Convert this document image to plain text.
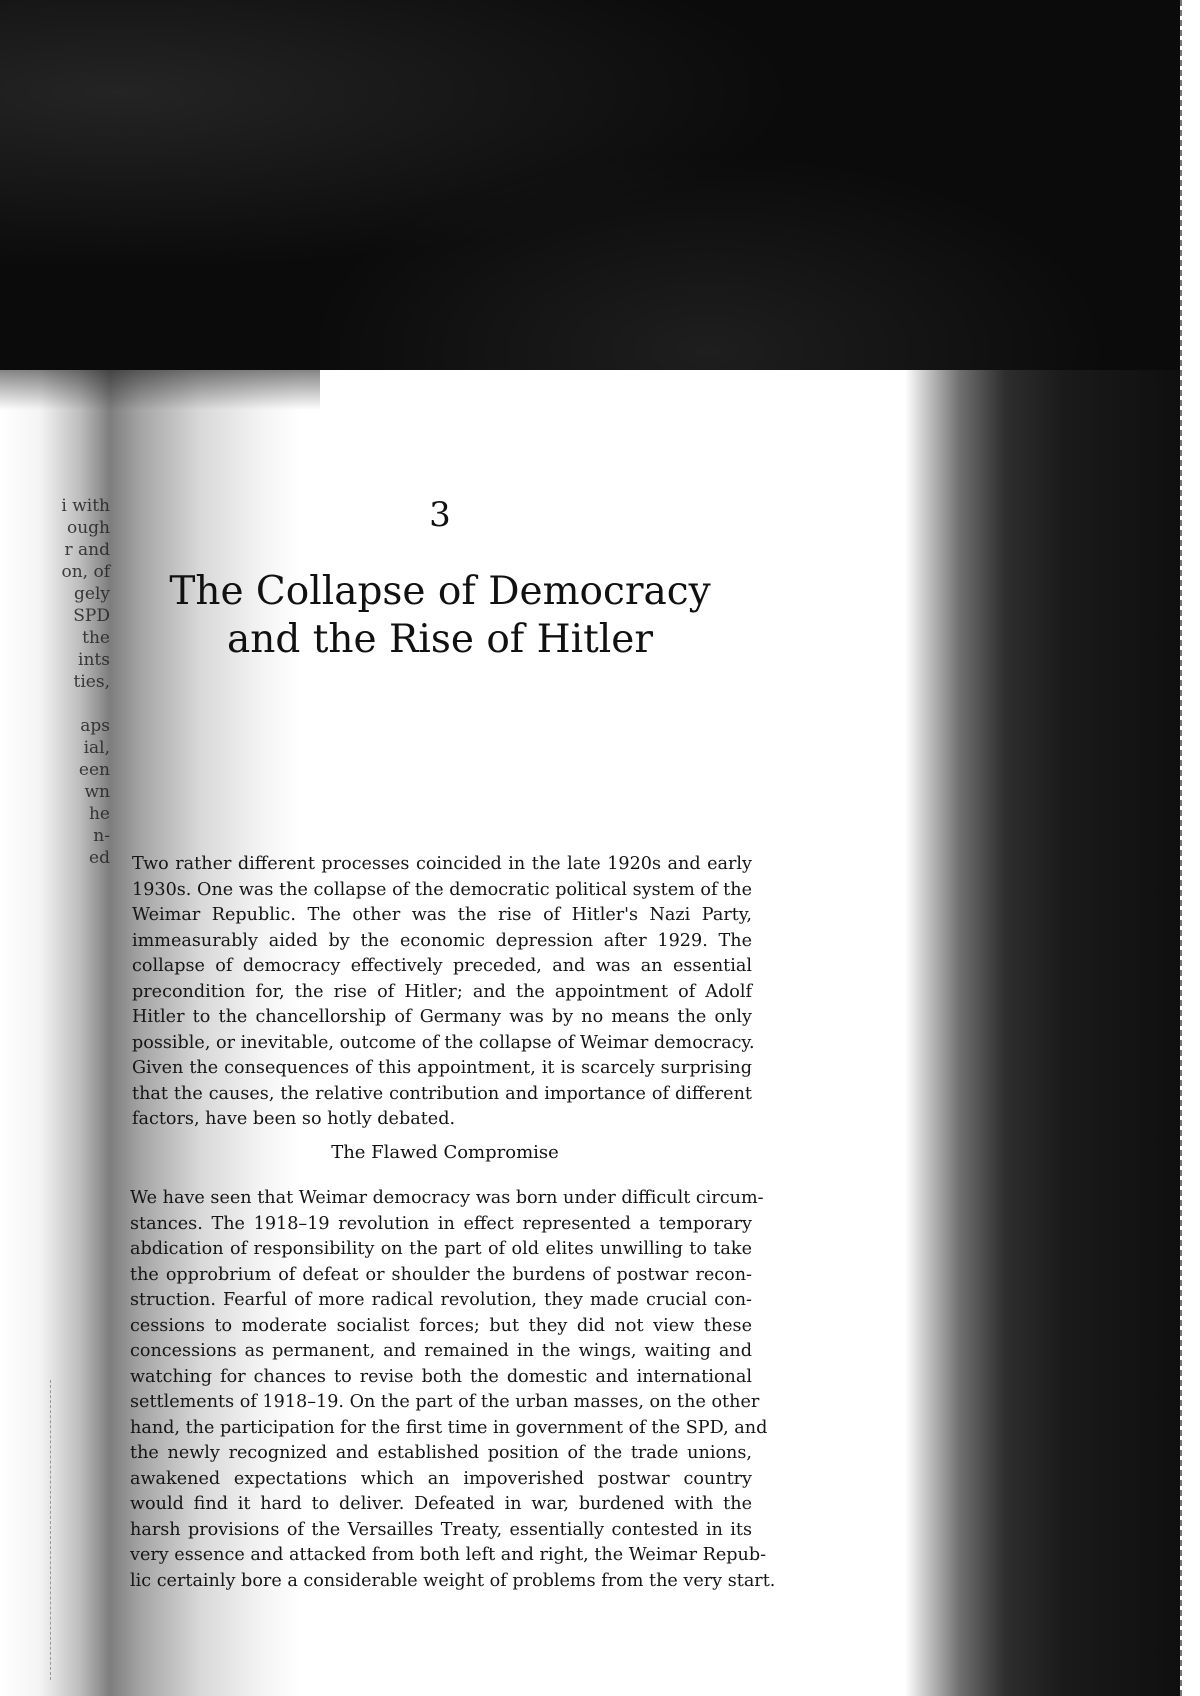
i with
ough
r and
on, of
gely
SPD
the
ints
ties,
aps
ial,
een
wn
he
n-
ed
3
The Collapse of Democracy
and the Rise of Hitler
Two rather different processes coincided in the late 1920s and early
1930s. One was the collapse of the democratic political system of the
Weimar Republic. The other was the rise of Hitler's Nazi Party,
immeasurably aided by the economic depression after 1929. The
collapse of democracy effectively preceded, and was an essential
precondition for, the rise of Hitler; and the appointment of Adolf
Hitler to the chancellorship of Germany was by no means the only
possible, or inevitable, outcome of the collapse of Weimar democracy.
Given the consequences of this appointment, it is scarcely surprising
that the causes, the relative contribution and importance of different
factors, have been so hotly debated.
The Flawed Compromise
We have seen that Weimar democracy was born under difficult circum-
stances. The 1918–19 revolution in effect represented a temporary
abdication of responsibility on the part of old elites unwilling to take
the opprobrium of defeat or shoulder the burdens of postwar recon-
struction. Fearful of more radical revolution, they made crucial con-
cessions to moderate socialist forces; but they did not view these
concessions as permanent, and remained in the wings, waiting and
watching for chances to revise both the domestic and international
settlements of 1918–19. On the part of the urban masses, on the other
hand, the participation for the first time in government of the SPD, and
the newly recognized and established position of the trade unions,
awakened expectations which an impoverished postwar country
would find it hard to deliver. Defeated in war, burdened with the
harsh provisions of the Versailles Treaty, essentially contested in its
very essence and attacked from both left and right, the Weimar Repub-
lic certainly bore a considerable weight of problems from the very start.
